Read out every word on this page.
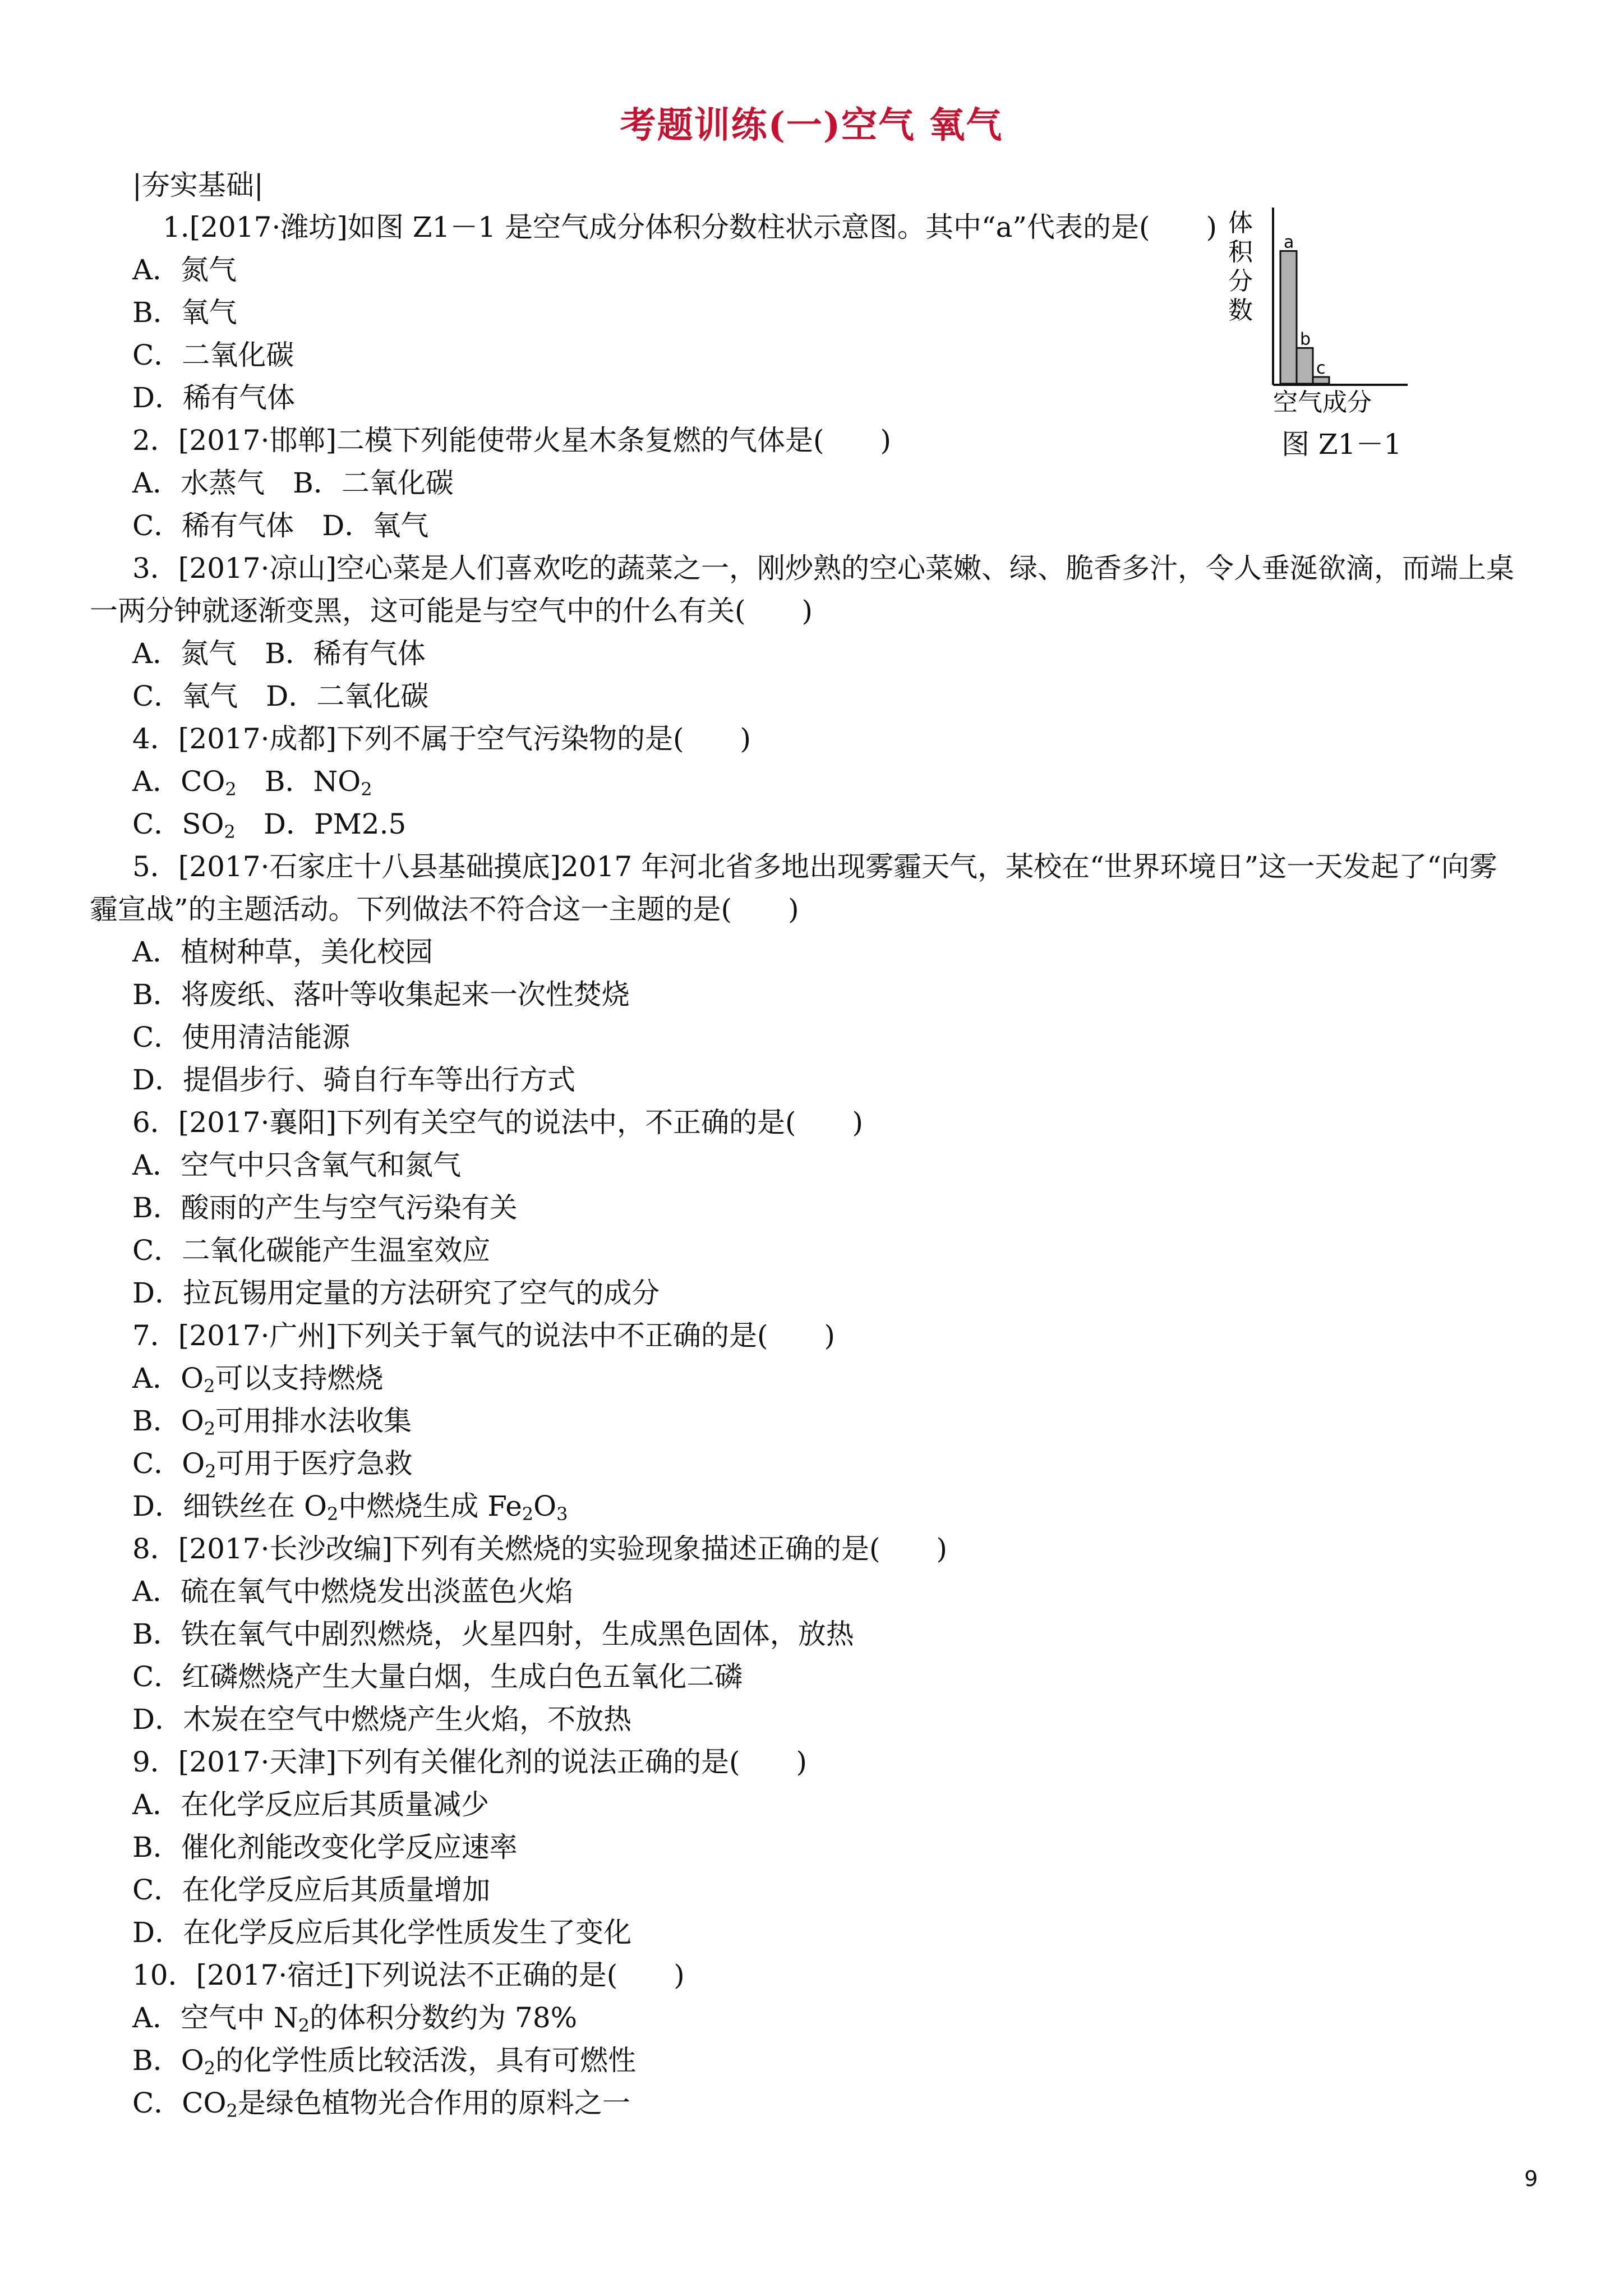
考题训练(一)空气 氧气
|夯实基础|
1.[2017·潍坊]如图 Z1－1 是空气成分体积分数柱状示意图。其中“a”代表的是(　　)
A．氮气
B．氧气
C．二氧化碳
D．稀有气体
2．[2017·邯郸]二模下列能使带火星木条复燃的气体是(　　)
A．水蒸气　B．二氧化碳
C．稀有气体　D．氧气
3．[2017·凉山]空心菜是人们喜欢吃的蔬菜之一，刚炒熟的空心菜嫩、绿、脆香多汁，令人垂涎欲滴，而端上桌
一两分钟就逐渐变黑，这可能是与空气中的什么有关(　　)
A．氮气　B．稀有气体
C．氧气　D．二氧化碳
4．[2017·成都]下列不属于空气污染物的是(　　)
A．$CO_2$　B．$NO_2$
C．$SO_2$　D．PM2.5
5．[2017·石家庄十八县基础摸底]2017 年河北省多地出现雾霾天气，某校在“世界环境日”这一天发起了“向雾
霾宣战”的主题活动。下列做法不符合这一主题的是(　　)
A．植树种草，美化校园
B．将废纸、落叶等收集起来一次性焚烧
C．使用清洁能源
D．提倡步行、骑自行车等出行方式
6．[2017·襄阳]下列有关空气的说法中，不正确的是(　　)
A．空气中只含氧气和氮气
B．酸雨的产生与空气污染有关
C．二氧化碳能产生温室效应
D．拉瓦锡用定量的方法研究了空气的成分
7．[2017·广州]下列关于氧气的说法中不正确的是(　　)
A．$O_2$可以支持燃烧
B．$O_2$可用排水法收集
C．$O_2$可用于医疗急救
D．细铁丝在 $O_2$中燃烧生成 $Fe_2O_3$
8．[2017·长沙改编]下列有关燃烧的实验现象描述正确的是(　　)
A．硫在氧气中燃烧发出淡蓝色火焰
B．铁在氧气中剧烈燃烧，火星四射，生成黑色固体，放热
C．红磷燃烧产生大量白烟，生成白色五氧化二磷
D．木炭在空气中燃烧产生火焰，不放热
9．[2017·天津]下列有关催化剂的说法正确的是(　　)
A．在化学反应后其质量减少
B．催化剂能改变化学反应速率
C．在化学反应后其质量增加
D．在化学反应后其化学性质发生了变化
10．[2017·宿迁]下列说法不正确的是(　　)
A．空气中 $N_2$的体积分数约为 78%
B．$O_2$的化学性质比较活泼，具有可燃性
C．$CO_2$是绿色植物光合作用的原料之一
体
积
分
数
a
b
c
空气成分
图 Z1－1
9
